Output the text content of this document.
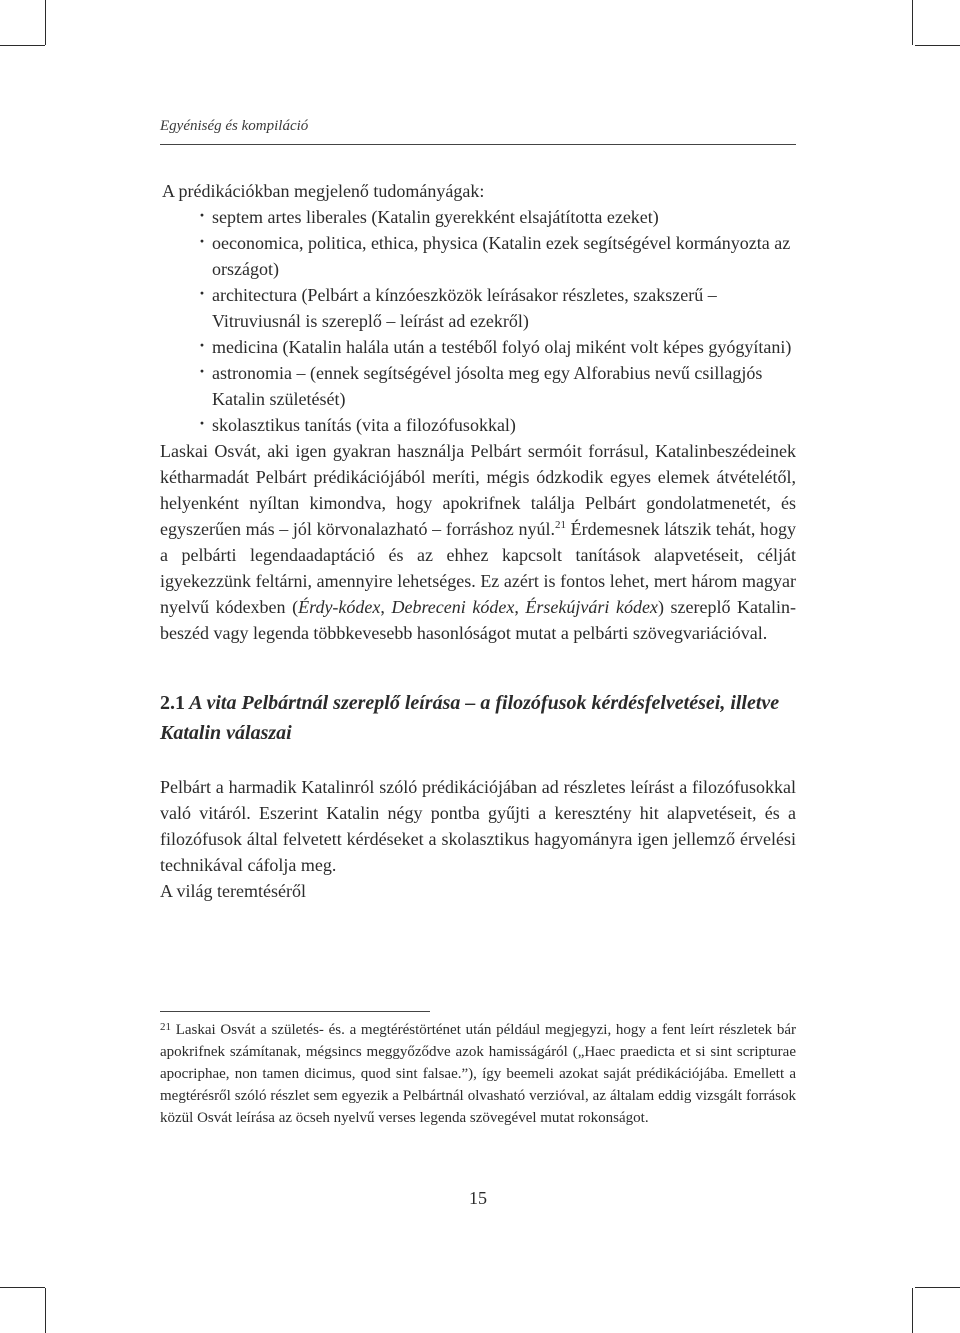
Egyéniség és kompiláció

A prédikációkban megjelenő tudományágak:

· septem artes liberales (Katalin gyerekként elsajátította ezeket)
· oeconomica, politica, ethica, physica (Katalin ezek segítségével kormányozta az országot)
· architectura (Pelbárt a kínzóeszközök leírásakor részletes, szakszerű – Vitruviusnál is szereplő – leírást ad ezekről)
· medicina (Katalin halála után a testéből folyó olaj miként volt képes gyógyítani)
· astronomia – (ennek segítségével jósolta meg egy Alforabius nevű csillagjós Katalin születését)
· skolasztikus tanítás (vita a filozófusokkal)

Laskai Osvát, aki igen gyakran használja Pelbárt sermóit forrásul, Katalinbeszédeinek kétharmadát Pelbárt prédikációjából meríti, mégis ódzkodik egyes elemek átvételétől, helyenként nyíltan kimondva, hogy apokrifnek találja Pelbárt gondolatmenetét, és egyszerűen más – jól körvonalazható – forráshoz nyúl.$^{21}$ Érdemesnek látszik tehát, hogy a pelbárti legendaadaptáció és az ehhez kapcsolt tanítások alapvetéseit, célját igyekezzünk feltárni, amennyire lehetséges. Ez azért is fontos lehet, mert három magyar nyelvű kódexben (Érdy-kódex, Debreceni kódex, Érsekújvári kódex) szereplő Katalin-beszéd vagy legenda többkevesebb hasonlóságot mutat a pelbárti szövegvariációval.

2.1 A vita Pelbártnál szereplő leírása – a filozófusok kérdésfelvetései, illetve Katalin válaszai

Pelbárt a harmadik Katalinról szóló prédikációjában ad részletes leírást a filozófusokkal való vitáról. Eszerint Katalin négy pontba gyűjti a keresztény hit alapvetéseit, és a filozófusok által felvetett kérdéseket a skolasztikus hagyományra igen jellemző érvelési technikával cáfolja meg.

A világ teremtéséről

$^{21}$ Laskai Osvát a születés- és. a megtéréstörténet után például megjegyzi, hogy a fent leírt részletek bár apokrifnek számítanak, mégsincs meggyőződve azok hamisságáról („Haec praedicta et si sint scripturae apocriphae, non tamen dicimus, quod sint falsae.”), így beemeli azokat saját prédikációjába. Emellett a megtérésről szóló részlet sem egyezik a Pelbártnál olvasható verzióval, az általam eddig vizsgált források közül Osvát leírása az öcseh nyelvű verses legenda szövegével mutat rokonságot.

15
